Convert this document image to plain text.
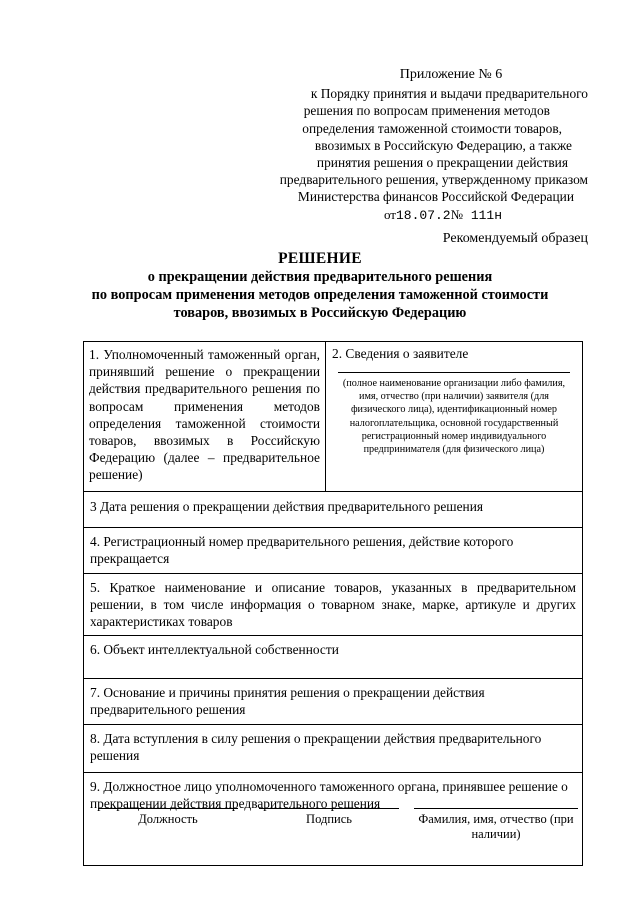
Приложение № 6
к Порядку принятия и выдачи предварительного
решения по вопросам применения методов
определения таможенной стоимости товаров,
ввозимых в Российскую Федерацию, а также
принятия решения о прекращении действия
предварительного решения, утвержденному приказом
Министерства финансов Российской Федерации
от18.07.2№ 111н
Рекомендуемый образец
РЕШЕНИЕ
о прекращении действия предварительного решения
по вопросам применения методов определения таможенной стоимости
товаров, ввозимых в Российскую Федерацию
1. Уполномоченный таможенный орган, принявший решение о прекращении действия предварительного решения по вопросам применения методов определения таможенной стоимости товаров, ввозимых в Российскую Федерацию (далее – предварительное решение)
2. Сведения о заявителе
(полное наименование организации либо фамилия, имя, отчество (при наличии) заявителя (для физического лица), идентификационный номер налогоплательщика, основной государственный регистрационный номер индивидуального предпринимателя (для физического лица)
3 Дата решения о прекращении действия предварительного решения
4. Регистрационный номер предварительного решения, действие которого прекращается
5. Краткое наименование и описание товаров, указанных в предварительном решении, в том числе информация о товарном знаке, марке, артикуле и других характеристиках товаров
6. Объект интеллектуальной собственности
7. Основание и причины принятия решения о прекращении действия предварительного решения
8. Дата вступления в силу решения о прекращении действия предварительного решения
9. Должностное лицо уполномоченного таможенного органа, принявшее решение о прекращении действия предварительного решения
Должность	Подпись	Фамилия, имя, отчество (при наличии)
